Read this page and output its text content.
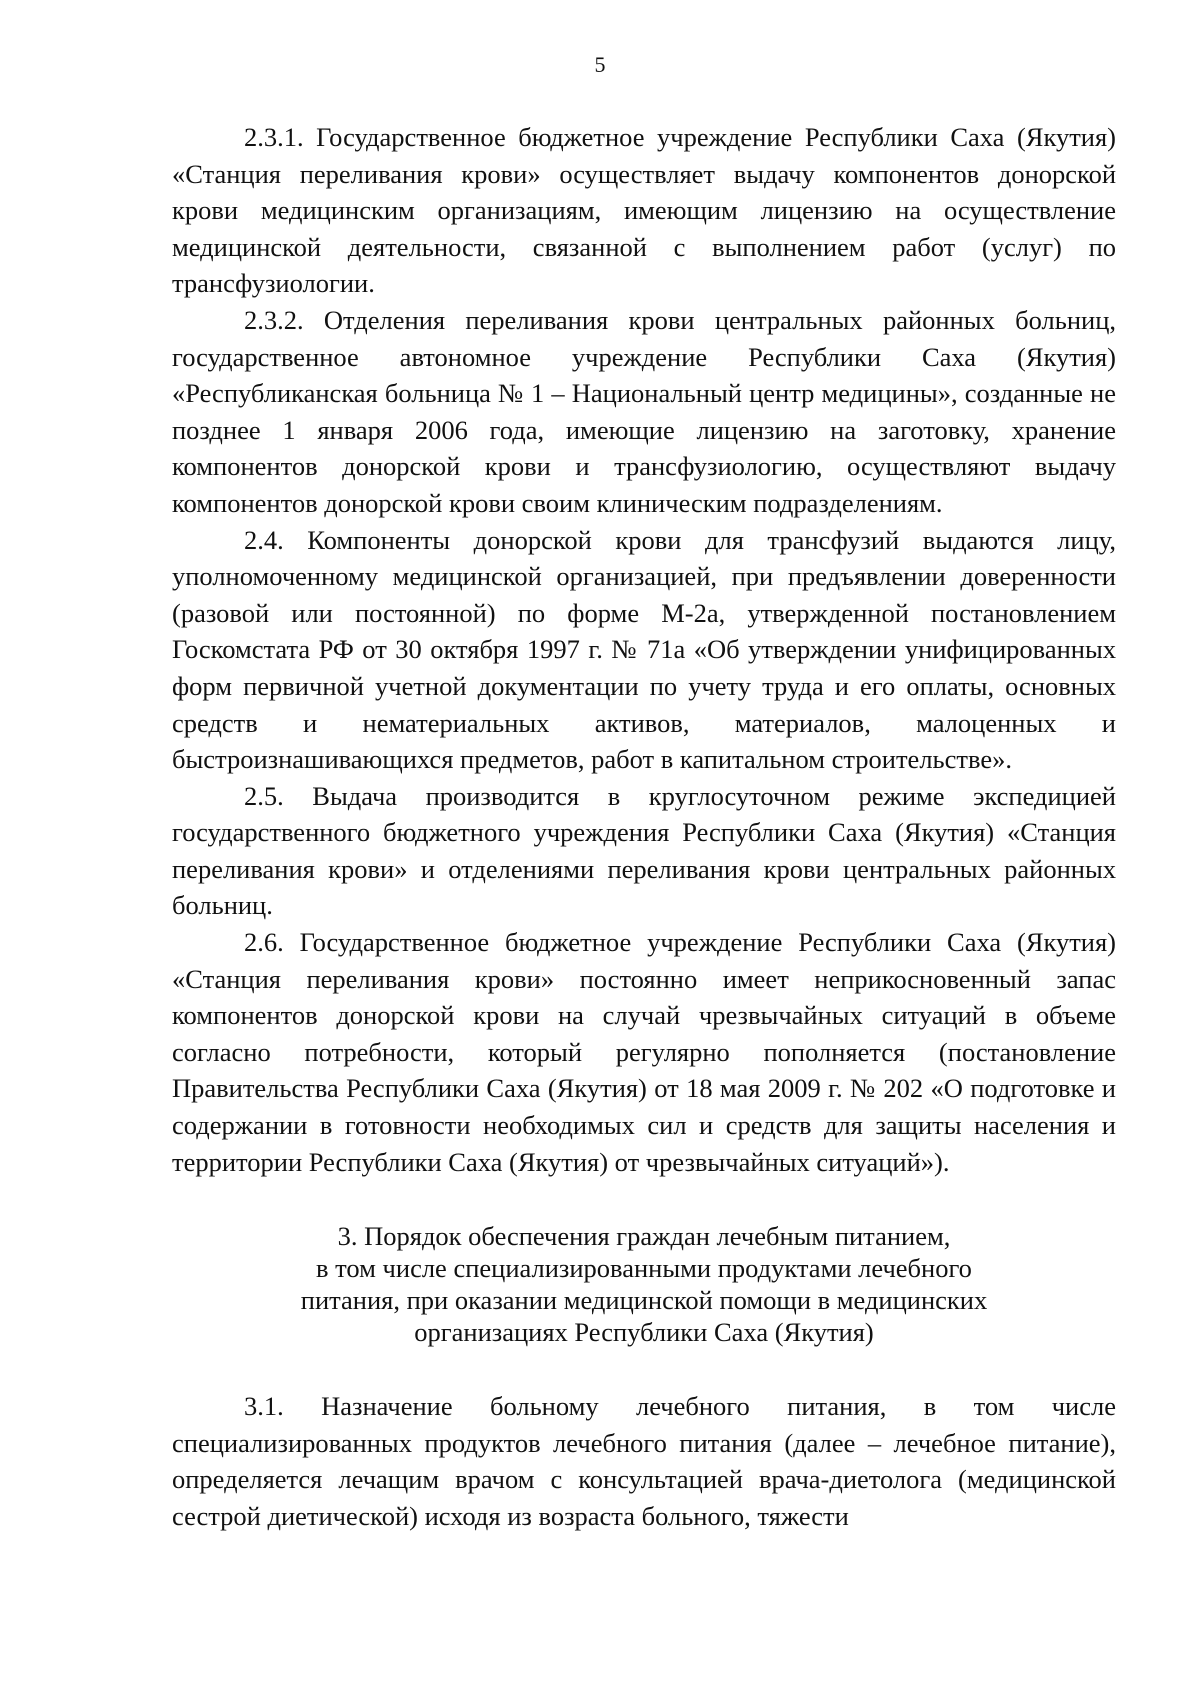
5

2.3.1. Государственное бюджетное учреждение Республики Саха (Якутия) «Станция переливания крови» осуществляет выдачу компонентов донорской крови медицинским организациям, имеющим лицензию на осуществление медицинской деятельности, связанной с выполнением работ (услуг) по трансфузиологии.

2.3.2. Отделения переливания крови центральных районных больниц, государственное автономное учреждение Республики Саха (Якутия) «Республиканская больница № 1 – Национальный центр медицины», созданные не позднее 1 января 2006 года, имеющие лицензию на заготовку, хранение компонентов донорской крови и трансфузиологию, осуществляют выдачу компонентов донорской крови своим клиническим подразделениям.

2.4. Компоненты донорской крови для трансфузий выдаются лицу, уполномоченному медицинской организацией, при предъявлении доверенности (разовой или постоянной) по форме М-2а, утвержденной постановлением Госкомстата РФ от 30 октября 1997 г. № 71а «Об утверждении унифицированных форм первичной учетной документации по учету труда и его оплаты, основных средств и нематериальных активов, материалов, малоценных и быстроизнашивающихся предметов, работ в капитальном строительстве».

2.5. Выдача производится в круглосуточном режиме экспедицией государственного бюджетного учреждения Республики Саха (Якутия) «Станция переливания крови» и отделениями переливания крови центральных районных больниц.

2.6. Государственное бюджетное учреждение Республики Саха (Якутия) «Станция переливания крови» постоянно имеет неприкосновенный запас компонентов донорской крови на случай чрезвычайных ситуаций в объеме согласно потребности, который регулярно пополняется (постановление Правительства Республики Саха (Якутия) от 18 мая 2009 г. № 202 «О подготовке и содержании в готовности необходимых сил и средств для защиты населения и территории Республики Саха (Якутия) от чрезвычайных ситуаций»).

3. Порядок обеспечения граждан лечебным питанием,
в том числе специализированными продуктами лечебного
питания, при оказании медицинской помощи в медицинских
организациях Республики Саха (Якутия)

3.1. Назначение больному лечебного питания, в том числе специализированных продуктов лечебного питания (далее – лечебное питание), определяется лечащим врачом с консультацией врача-диетолога (медицинской сестрой диетической) исходя из возраста больного, тяжести
